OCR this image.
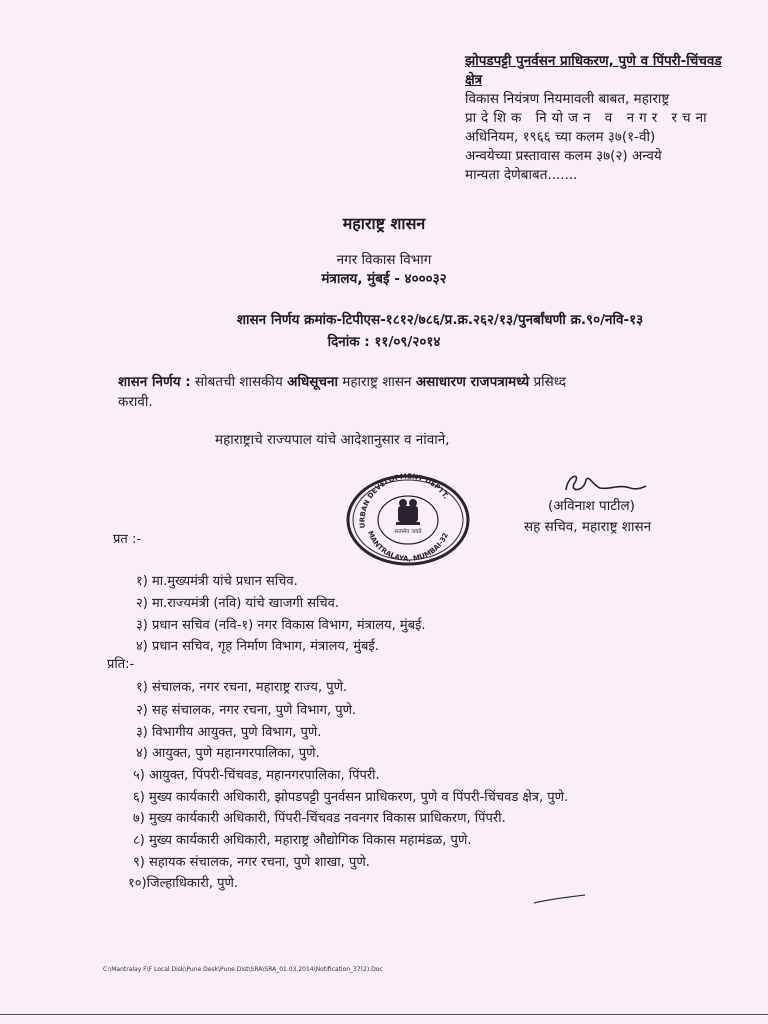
झोपडपट्टी पुनर्वसन प्राधिकरण, पुणे व पिंपरी-चिंचवड क्षेत्र
विकास नियंत्रण नियमावली बाबत, महाराष्ट्र
प्रादेशिक नियोजन व नगर रचना
अधिनियम, १९६६ च्या कलम ३७(१-वी)
अन्वयेच्या प्रस्तावास कलम ३७(२) अन्वये
मान्यता देणेबाबत.......
महाराष्ट्र शासन
नगर विकास विभाग
मंत्रालय, मुंबई - ४०००३२
शासन निर्णय क्रमांक-टिपीएस-१८१२/७८६/प्र.क्र.२६२/१३/पुनर्बांधणी क्र.९०/नवि-१३
दिनांक : ११/०९/२०१४
शासन निर्णय : सोबतची शासकीय अधिसूचना महाराष्ट्र शासन असाधारण राजपत्रामध्ये प्रसिध्द
करावी.
महाराष्ट्राचे राज्यपाल यांचे आदेशानुसार व नांवाने,
सत्यमेव जयते
URBAN DEVELOPMENT DEPTT.
MANTRALAYA, MUMBAI-32
(अविनाश पाटील)
सह सचिव, महाराष्ट्र शासन
प्रत :-
१) मा.मुख्यमंत्री यांचे प्रधान सचिव.
२) मा.राज्यमंत्री (नवि) यांचे खाजगी सचिव.
३) प्रधान सचिव (नवि-१) नगर विकास विभाग, मंत्रालय, मुंबई.
४) प्रधान सचिव, गृह निर्माण विभाग, मंत्रालय, मुंबई.
प्रति:-
१) संचालक, नगर रचना, महाराष्ट्र राज्य, पुणे.
२) सह संचालक, नगर रचना, पुणे विभाग, पुणे.
३) विभागीय आयुक्त, पुणे विभाग, पुणे.
४) आयुक्त, पुणे महानगरपालिका, पुणे.
५) आयुक्त, पिंपरी-चिंचवड, महानगरपालिका, पिंपरी.
६) मुख्य कार्यकारी अधिकारी, झोपडपट्टी पुनर्वसन प्राधिकरण, पुणे व पिंपरी-चिंचवड क्षेत्र, पुणे.
७) मुख्य कार्यकारी अधिकारी, पिंपरी-चिंचवड नवनगर विकास प्राधिकरण, पिंपरी.
८) मुख्य कार्यकारी अधिकारी, महाराष्ट्र औद्योगिक विकास महामंडळ, पुणे.
९) सहायक संचालक, नगर रचना, पुणे शाखा, पुणे.
१०)जिल्हाधिकारी, पुणे.
C:\Mantralay F\F Local Disk\Pune Desk\Pune Dist\SRA\SRA_01.03.2014\Notification_37(2).Doc
